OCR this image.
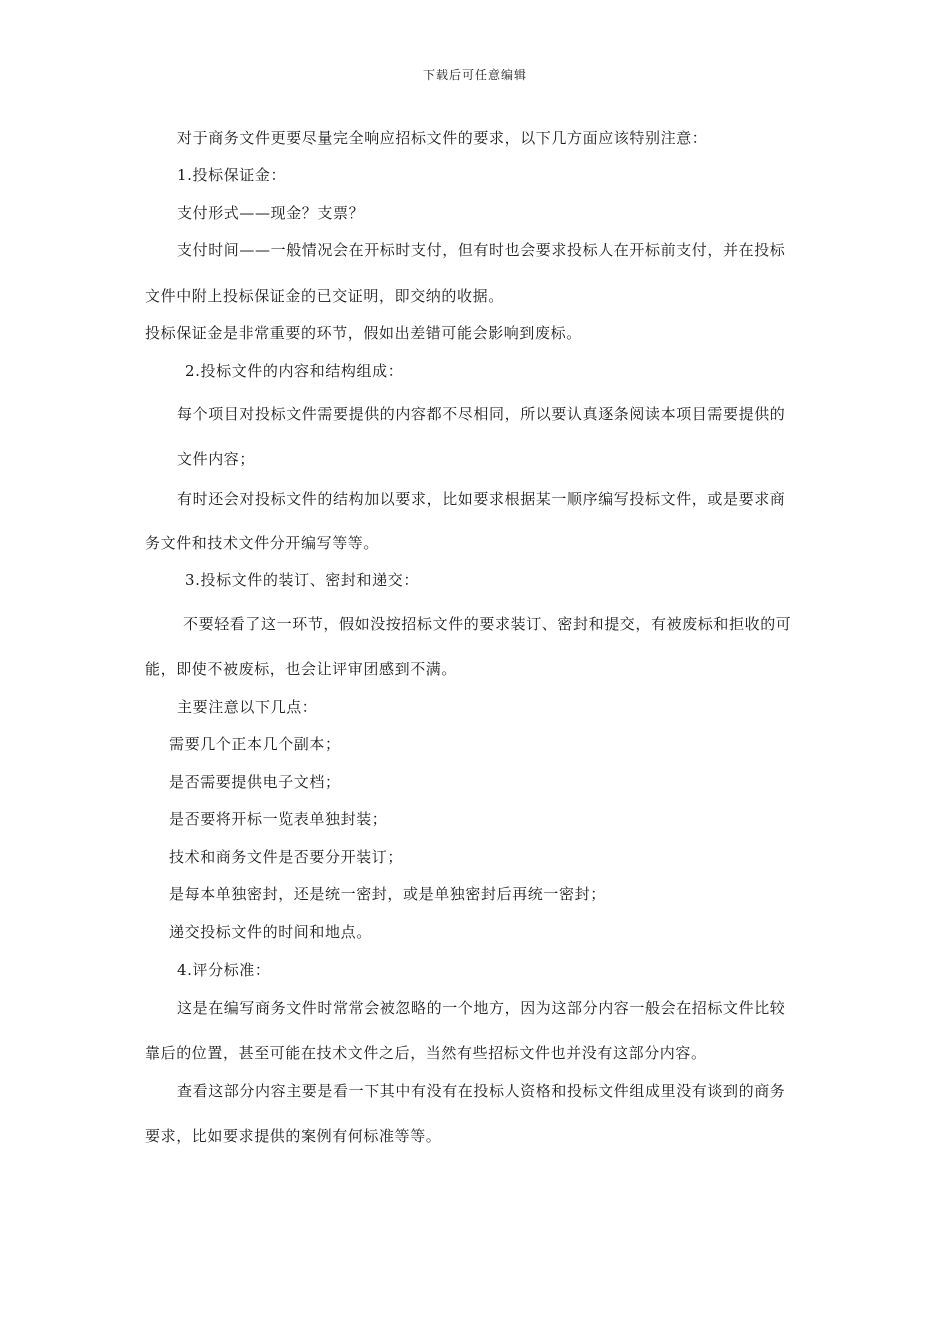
下载后可任意编辑
对于商务文件更要尽量完全响应招标文件的要求，以下几方面应该特别注意：
1.投标保证金：
支付形式——现金？支票？
支付时间——一般情况会在开标时支付，但有时也会要求投标人在开标前支付，并在投标
文件中附上投标保证金的已交证明，即交纳的收据。
投标保证金是非常重要的环节，假如出差错可能会影响到废标。
2.投标文件的内容和结构组成：
每个项目对投标文件需要提供的内容都不尽相同，所以要认真逐条阅读本项目需要提供的
文件内容；
有时还会对投标文件的结构加以要求，比如要求根据某一顺序编写投标文件，或是要求商
务文件和技术文件分开编写等等。
3.投标文件的装订、密封和递交：
不要轻看了这一环节，假如没按招标文件的要求装订、密封和提交，有被废标和拒收的可
能，即使不被废标，也会让评审团感到不满。
主要注意以下几点：
需要几个正本几个副本；
是否需要提供电子文档；
是否要将开标一览表单独封装；
技术和商务文件是否要分开装订；
是每本单独密封，还是统一密封，或是单独密封后再统一密封；
递交投标文件的时间和地点。
4.评分标准：
这是在编写商务文件时常常会被忽略的一个地方，因为这部分内容一般会在招标文件比较
靠后的位置，甚至可能在技术文件之后，当然有些招标文件也并没有这部分内容。
查看这部分内容主要是看一下其中有没有在投标人资格和投标文件组成里没有谈到的商务
要求，比如要求提供的案例有何标准等等。
